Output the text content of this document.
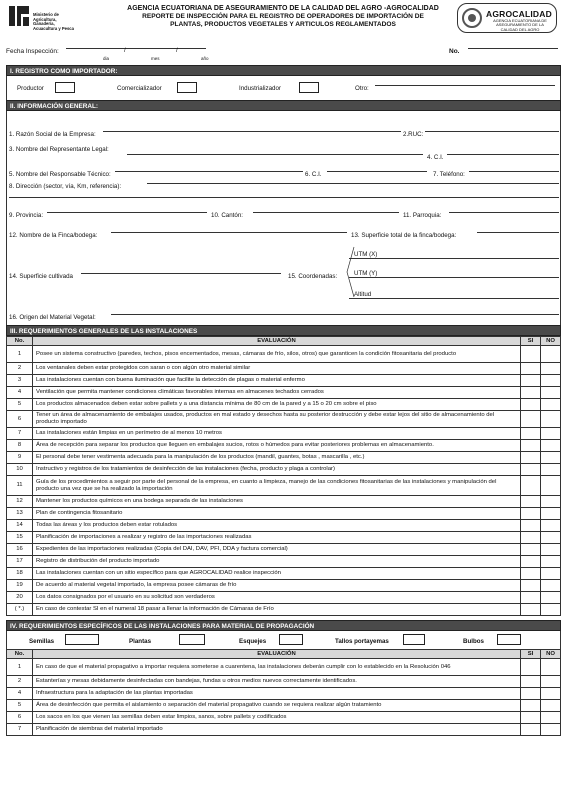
Ministerio de
Agricultura, Ganadería,
Acuacultura y Pesca
AGENCIA ECUATORIANA DE ASEGURAMIENTO DE LA CALIDAD DEL AGRO -AGROCALIDAD
REPORTE DE INSPECCIÓN PARA EL REGISTRO DE OPERADORES DE IMPORTACIÓN DE
PLANTAS, PRODUCTOS VEGETALES Y ARTICULOS REGLAMENTADOS
AGROCALIDAD
AGENCIA ECUATORIANA DE ASEGURAMIENTO DE LA CALIDAD DEL AGRO
Fecha Inspección:	/	/
dia	mes	año
No.
I. REGISTRO COMO IMPORTADOR:
Productor	Comercializador	Industrializador	Otro:
II. INFORMACIÓN GENERAL:
1. Razón Social de la Empresa:	2.RUC:
3. Nombre del Representante Legal:
4. C.I.
5. Nombre del Responsable Técnico:	6. C.I.	7. Teléfono:
8. Dirección (sector, vía, Km, referencia):
9. Provincia:	10. Cantón:	11. Parroquia:
12. Nombre de la Finca/bodega:	13. Superficie total de la finca/bodega:
14. Superficie cultivada	15. Coordenadas:
UTM (X)
UTM (Y)
Altitud
16. Origen del Material Vegetal:
III. REQUERIMIENTOS GENERALES DE LAS INSTALACIONES
No.	EVALUACIÓN	SI	NO
1	Posee un sistema constructivo (paredes, techos, pisos encementados, mesas, cámaras de frío, silos, otros) que garanticen la condición fitosanitaria del producto		
2	Los ventanales deben estar protegidos con saran o con algún otro material similar		
3	Las instalaciones cuentan con buena iluminación que facilite la detección de plagas o material enfermo		
4	Ventilación que permita mantener condiciones climáticas favorables internas en almacenes techados cerrados		
5	Los productos almacenados deben estar sobre pallets y a una distancia mínima de 80 cm de la pared y a 15 o 20 cm sobre el piso		
6	Tener un área de almacenamiento de embalajes usados, productos en mal estado y desechos hasta su posterior destrucción y debe estar lejos del sitio de almacenamiento del producto importado		
7	Las instalaciones están limpias en un perímetro de al menos 10 metros		
8	Área de recepción para separar los productos que lleguen en embalajes sucios, rotos o húmedos para evitar posteriores problemas en almacenamiento.		
9	El personal debe tener vestimenta adecuada para la manipulación de los productos (mandil, guantes, botas , mascarilla , etc.)		
10	Instructivo y registros de los tratamientos de desinfección de las instalaciones (fecha, producto y plaga a controlar)		
11	Guía de los procedimientos a seguir por parte del personal de la empresa, en cuanto a limpieza, manejo de las condiciones fitosanitarias de las instalaciones y manipulación del producto una vez que se ha realizado la importación		
12	Mantener los productos químicos en una bodega separada de las instalaciones		
13	Plan de contingencia fitosanitario		
14	Todas las áreas y los productos deben estar rotulados		
15	Planificación de importaciones a realizar y registro de las importaciones realizadas		
16	Expedientes de las importaciones realizadas (Copia del DAI, DAV, PFI, DDA y factura comercial)		
17	Registro de distribución del producto importado		
18	Las instalaciones cuentan con un sitio específico para que AGROCALIDAD realice inspección		
19	De acuerdo al material vegetal importado, la empresa posee cámaras de frío		
20	Los datos consignados por el usuario en su solicitud son verdaderos		
( *.)	En caso de contestar SI en el numeral 18 pasar a llenar la información de Cámaras de Frío		
IV. REQUERIMIENTOS ESPECÍFICOS DE LAS INSTALACIONES PARA MATERIAL DE PROPAGACIÓN
Semillas	Plantas	Esquejes	Tallos portayemas	Bulbos
No.	EVALUACIÓN	SI	NO
1	En caso de que el material propagativo a importar requiera someterse a cuarentena, las instalaciones deberán cumplir con lo establecido en la Resolución 046		
2	Estanterías y mesas debidamente desinfectadas con bandejas, fundas u otros medios nuevos correctamente identificados.		
4	Infraestructura para la adaptación de las plantas importadas		
5	Área de desinfección que permita el aislamiento o separación del material propagativo cuando se requiera realizar algún tratamiento		
6	Los sacos en los que vienen las semillas deben estar limpios, sanos, sobre pallets y codificados		
7	Planificación de siembras del material importado		
